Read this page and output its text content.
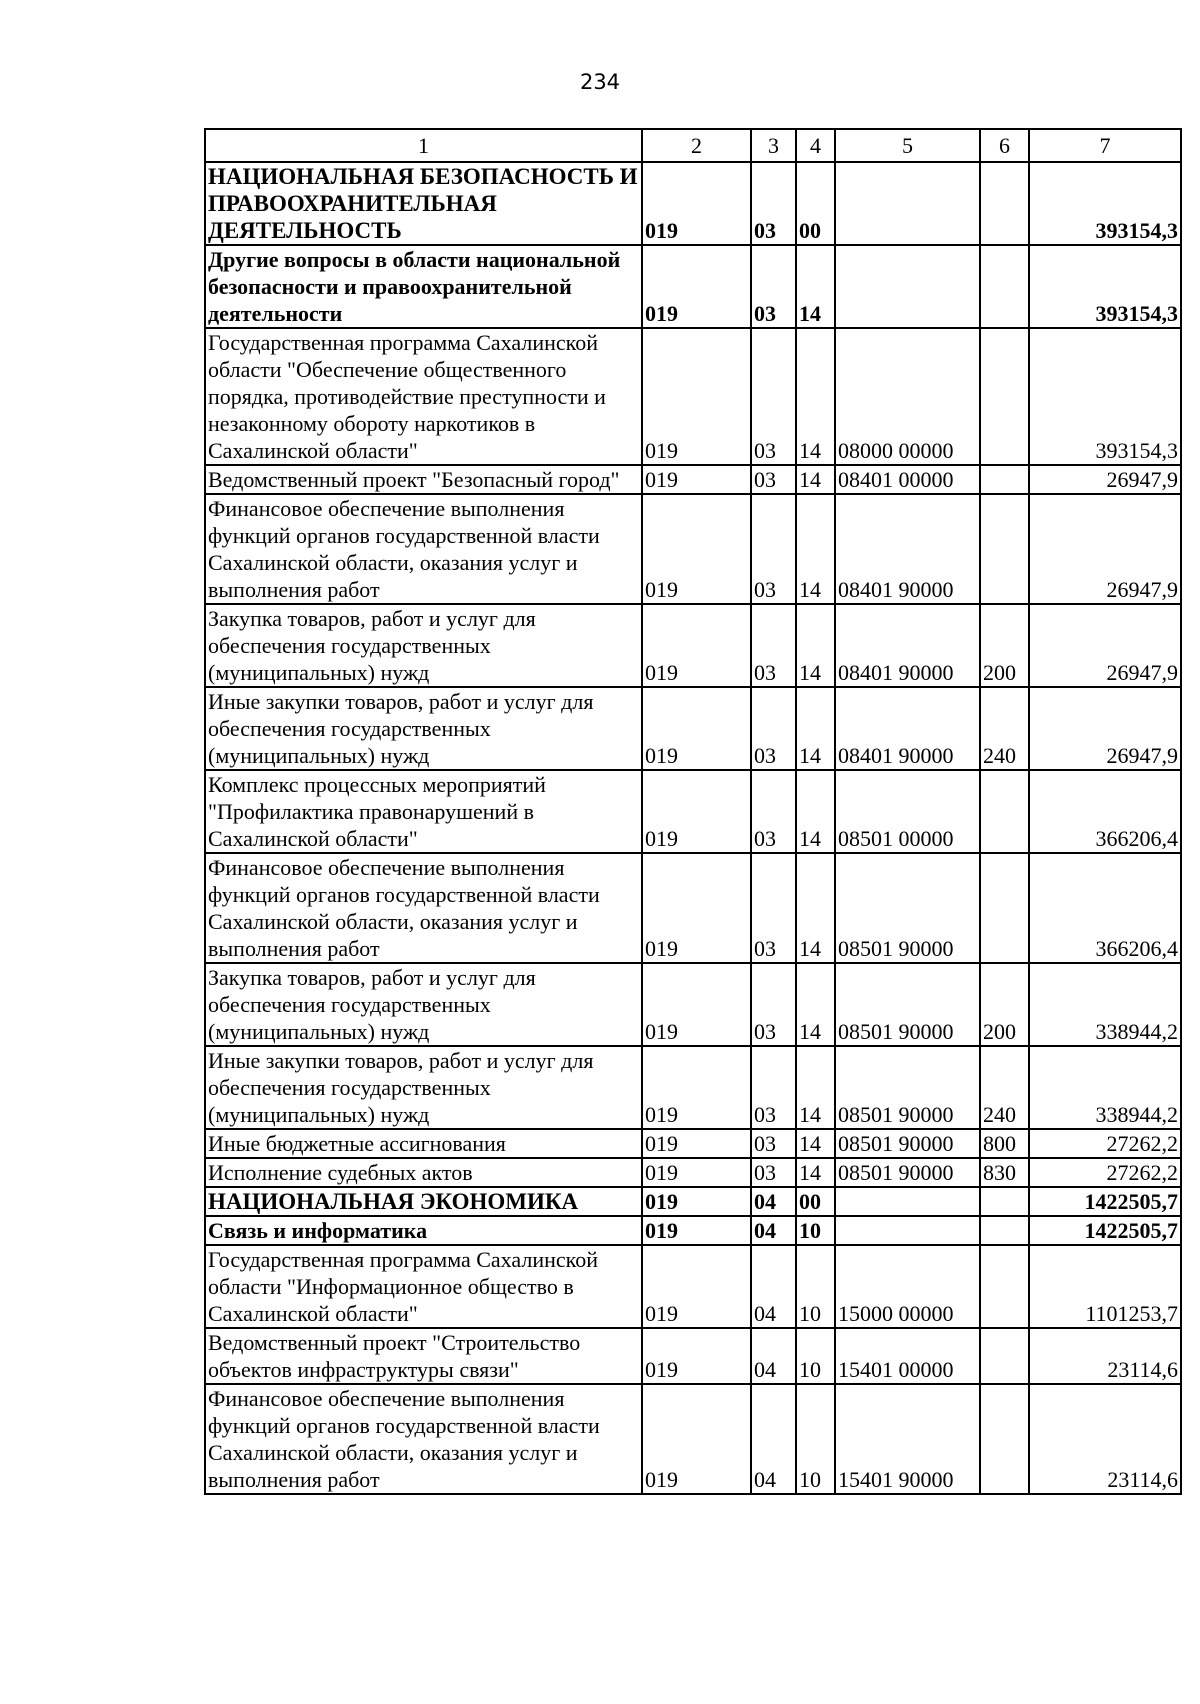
234
1	2	3	4	5	6	7
НАЦИОНАЛЬНАЯ БЕЗОПАСНОСТЬ И ПРАВООХРАНИТЕЛЬНАЯ ДЕЯТЕЛЬНОСТЬ	019	03	00			393154,3
Другие вопросы в области национальной безопасности и правоохранительной деятельности	019	03	14			393154,3
Государственная программа Сахалинской области "Обеспечение общественного порядка, противодействие преступности и незаконному обороту наркотиков в Сахалинской области"	019	03	14	08000 00000		393154,3
Ведомственный проект "Безопасный город"	019	03	14	08401 00000		26947,9
Финансовое обеспечение выполнения функций органов государственной власти Сахалинской области, оказания услуг и выполнения работ	019	03	14	08401 90000		26947,9
Закупка товаров, работ и услуг для обеспечения государственных (муниципальных) нужд	019	03	14	08401 90000	200	26947,9
Иные закупки товаров, работ и услуг для обеспечения государственных (муниципальных) нужд	019	03	14	08401 90000	240	26947,9
Комплекс процессных мероприятий "Профилактика правонарушений в Сахалинской области"	019	03	14	08501 00000		366206,4
Финансовое обеспечение выполнения функций органов государственной власти Сахалинской области, оказания услуг и выполнения работ	019	03	14	08501 90000		366206,4
Закупка товаров, работ и услуг для обеспечения государственных (муниципальных) нужд	019	03	14	08501 90000	200	338944,2
Иные закупки товаров, работ и услуг для обеспечения государственных (муниципальных) нужд	019	03	14	08501 90000	240	338944,2
Иные бюджетные ассигнования	019	03	14	08501 90000	800	27262,2
Исполнение судебных актов	019	03	14	08501 90000	830	27262,2
НАЦИОНАЛЬНАЯ ЭКОНОМИКА	019	04	00			1422505,7
Связь и информатика	019	04	10			1422505,7
Государственная программа Сахалинской области "Информационное общество в Сахалинской области"	019	04	10	15000 00000		1101253,7
Ведомственный проект "Строительство объектов инфраструктуры связи"	019	04	10	15401 00000		23114,6
Финансовое обеспечение выполнения функций органов государственной власти Сахалинской области, оказания услуг и выполнения работ	019	04	10	15401 90000		23114,6
